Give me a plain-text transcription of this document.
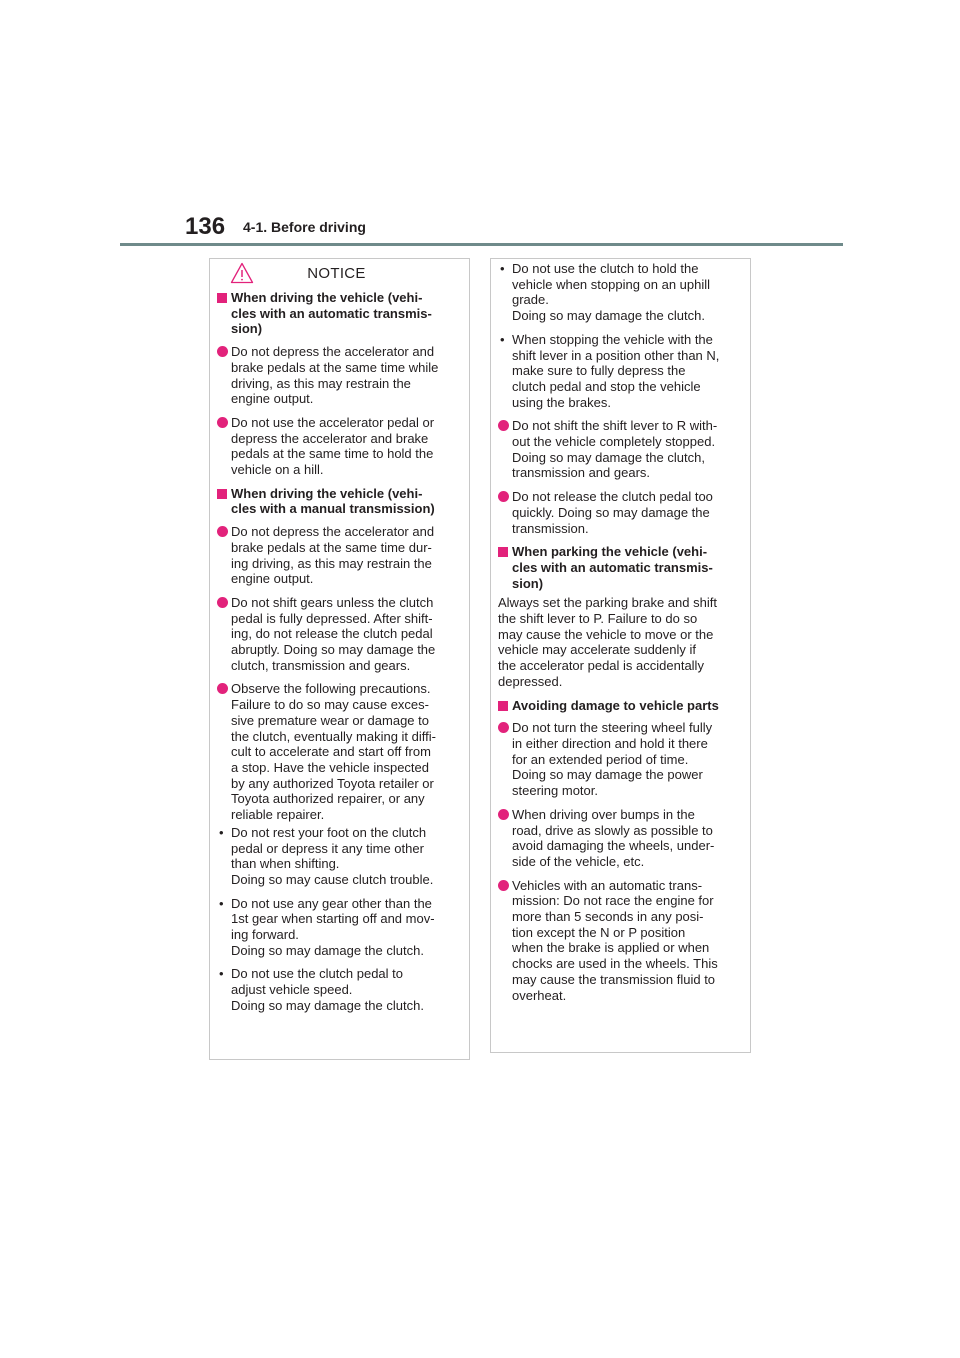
136 4-1. Before driving
NOTICE
When driving the vehicle (vehi-
cles with an automatic transmis-
sion)
Do not depress the accelerator and
brake pedals at the same time while
driving, as this may restrain the
engine output.
Do not use the accelerator pedal or
depress the accelerator and brake
pedals at the same time to hold the
vehicle on a hill.
When driving the vehicle (vehi-
cles with a manual transmission)
Do not depress the accelerator and
brake pedals at the same time dur-
ing driving, as this may restrain the
engine output.
Do not shift gears unless the clutch
pedal is fully depressed. After shift-
ing, do not release the clutch pedal
abruptly. Doing so may damage the
clutch, transmission and gears.
Observe the following precautions.
Failure to do so may cause exces-
sive premature wear or damage to
the clutch, eventually making it diffi-
cult to accelerate and start off from
a stop. Have the vehicle inspected
by any authorized Toyota retailer or
Toyota authorized repairer, or any
reliable repairer.
• Do not rest your foot on the clutch
pedal or depress it any time other
than when shifting.
Doing so may cause clutch trouble.
• Do not use any gear other than the
1st gear when starting off and mov-
ing forward.
Doing so may damage the clutch.
• Do not use the clutch pedal to
adjust vehicle speed.
Doing so may damage the clutch.
• Do not use the clutch to hold the
vehicle when stopping on an uphill
grade.
Doing so may damage the clutch.
• When stopping the vehicle with the
shift lever in a position other than N,
make sure to fully depress the
clutch pedal and stop the vehicle
using the brakes.
Do not shift the shift lever to R with-
out the vehicle completely stopped.
Doing so may damage the clutch,
transmission and gears.
Do not release the clutch pedal too
quickly. Doing so may damage the
transmission.
When parking the vehicle (vehi-
cles with an automatic transmis-
sion)
Always set the parking brake and shift
the shift lever to P. Failure to do so
may cause the vehicle to move or the
vehicle may accelerate suddenly if
the accelerator pedal is accidentally
depressed.
Avoiding damage to vehicle parts
Do not turn the steering wheel fully
in either direction and hold it there
for an extended period of time.
Doing so may damage the power
steering motor.
When driving over bumps in the
road, drive as slowly as possible to
avoid damaging the wheels, under-
side of the vehicle, etc.
Vehicles with an automatic trans-
mission: Do not race the engine for
more than 5 seconds in any posi-
tion except the N or P position
when the brake is applied or when
chocks are used in the wheels. This
may cause the transmission fluid to
overheat.
